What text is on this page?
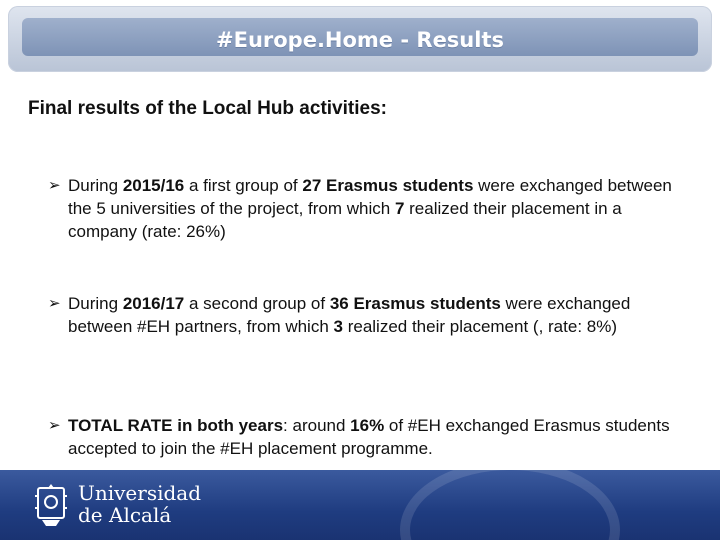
#Europe.Home - Results
Final results of the Local Hub activities:
➢ During 2015/16 a first group of 27 Erasmus students were exchanged between the 5 universities of the project, from which 7 realized their placement in a company (rate: 26%)
➢ During 2016/17 a second group of 36 Erasmus students were exchanged between #EH partners, from which 3 realized their placement (, rate: 8%)
➢ TOTAL RATE in both years: around 16% of #EH exchanged Erasmus students accepted to join the #EH placement programme.
Universidad
de Alcalá
